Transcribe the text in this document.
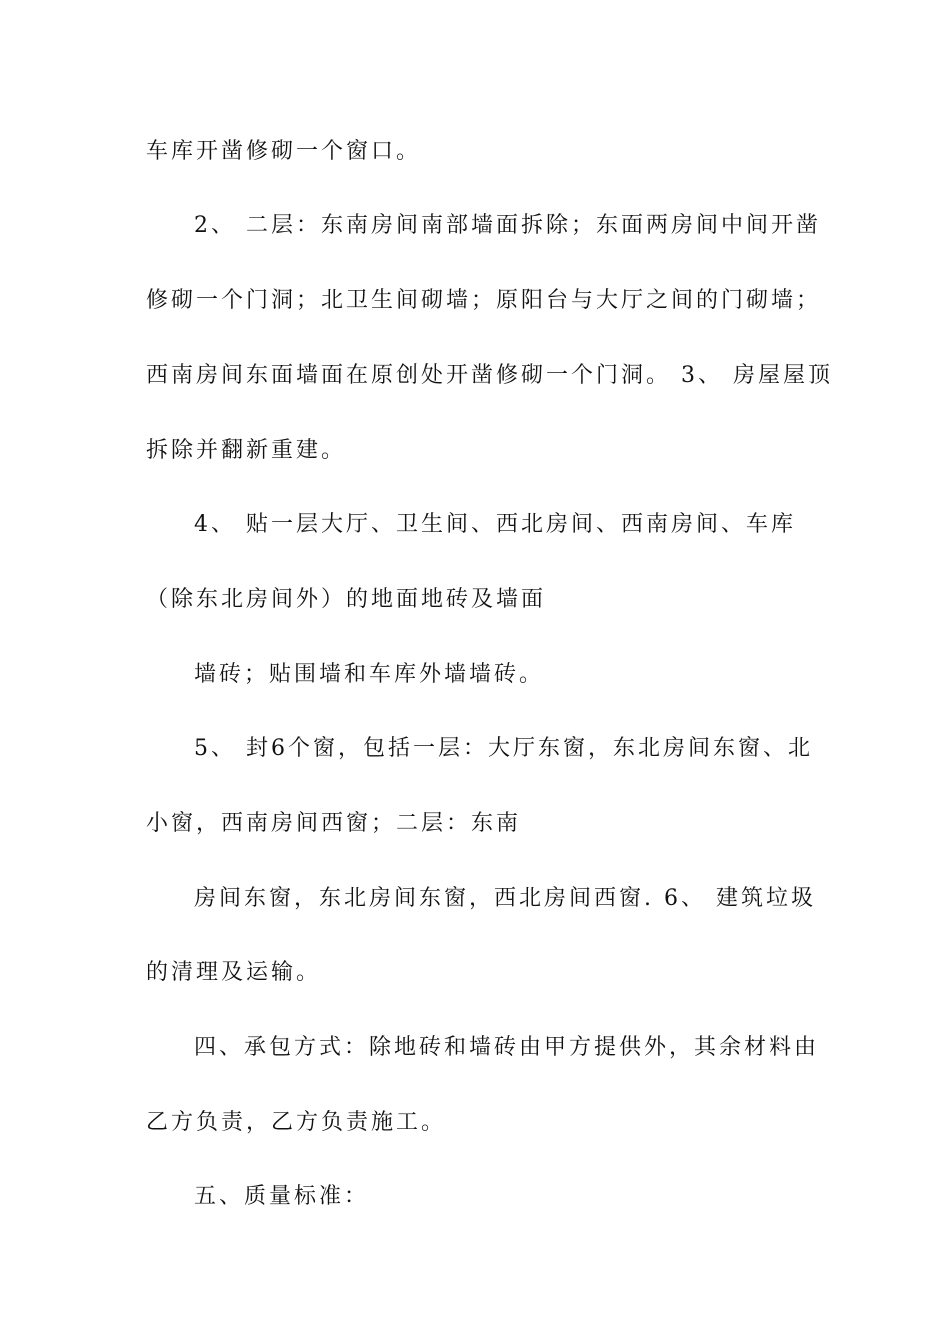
车库开凿修砌一个窗口。
2、 二层：东南房间南部墙面拆除；东面两房间中间开凿
修砌一个门洞；北卫生间砌墙；原阳台与大厅之间的门砌墙；
西南房间东面墙面在原创处开凿修砌一个门洞。 3、 房屋屋顶
拆除并翻新重建。
4、 贴一层大厅、卫生间、西北房间、西南房间、车库
（除东北房间外）的地面地砖及墙面
墙砖；贴围墙和车库外墙墙砖。
5、 封6个窗，包括一层：大厅东窗，东北房间东窗、北
小窗，西南房间西窗；二层：东南
房间东窗，东北房间东窗，西北房间西窗. 6、 建筑垃圾
的清理及运输。
四、承包方式：除地砖和墙砖由甲方提供外，其余材料由
乙方负责，乙方负责施工。
五、质量标准：
